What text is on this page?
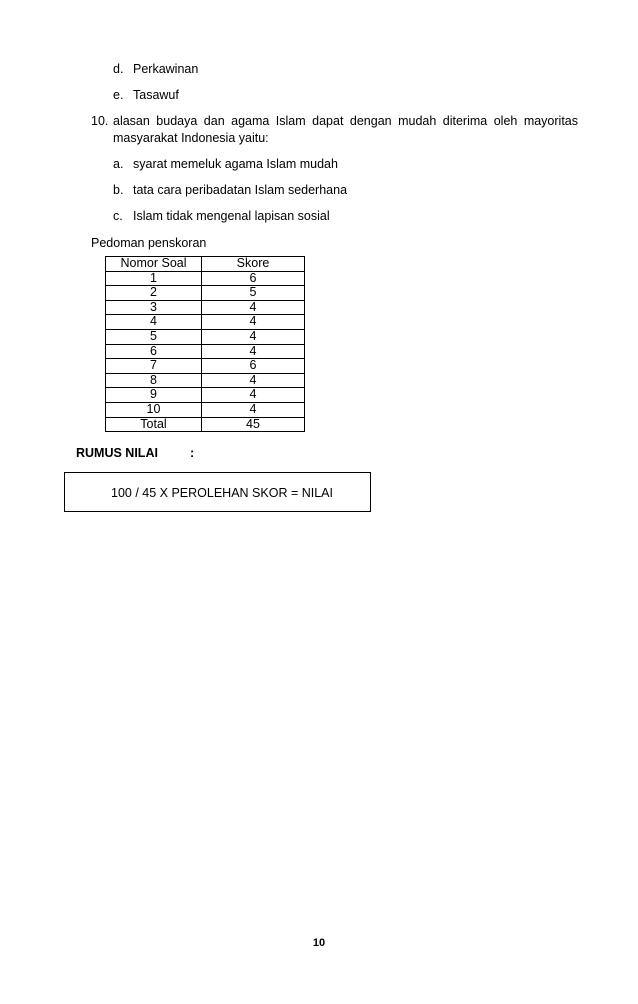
d. Perkawinan
e. Tasawuf
10. alasan budaya dan agama Islam dapat dengan mudah diterima oleh mayoritas
masyarakat Indonesia yaitu:
a. syarat memeluk agama Islam mudah
b. tata cara peribadatan Islam sederhana
c. Islam tidak mengenal lapisan sosial
Pedoman penskoran
Nomor Soal	Skore
1	6
2	5
3	4
4	4
5	4
6	4
7	6
8	4
9	4
10	4
Total	45
RUMUS NILAI	:
100 / 45 X PEROLEHAN SKOR = NILAI
10
